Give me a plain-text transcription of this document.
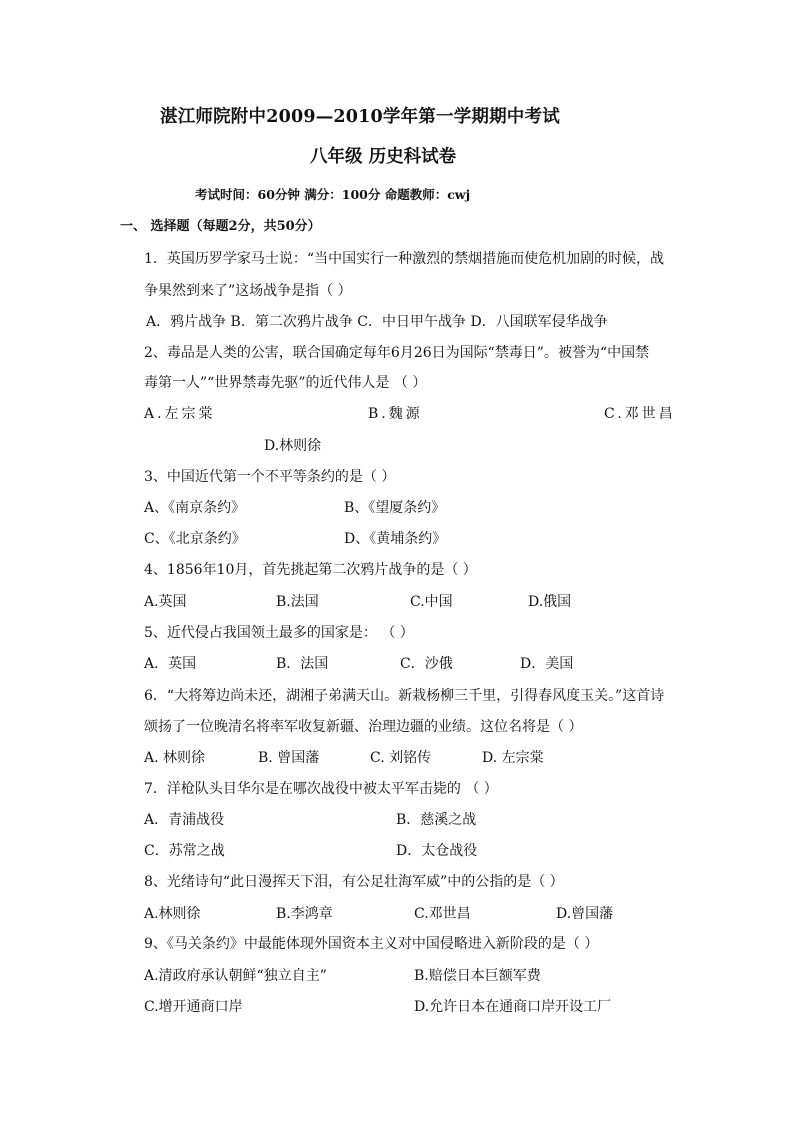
湛江师院附中2009—2010学年第一学期期中考试
八年级 历史科试卷
考试时间：60分钟 满分：100分 命题教师：cwj
一、 选择题（每题2分，共50分）
1．英国历罗学家马士说：“当中国实行一种激烈的禁烟措施而使危机加剧的时候，战
争果然到来了”这场战争是指（ ）
A．鸦片战争 B．第二次鸦片战争 C．中日甲午战争 D．八国联军侵华战争
2、毒品是人类的公害，联合国确定每年6月26日为国际“禁毒日”。被誉为“中国禁
毒第一人”“世界禁毒先驱”的近代伟人是 （ ）
A.左宗棠	B.魏源	C.邓世昌
D.林则徐
3、中国近代第一个不平等条约的是（ ）
A、《南京条约》	B、《望厦条约》
C、《北京条约》	D、《黄埔条约》
4、1856年10月，首先挑起第二次鸦片战争的是（ ）
A.英国	B.法国	C.中国	D.俄国
5、近代侵占我国领土最多的国家是： （ ）
A．英国	B．法国	C．沙俄	D．美国
6．“大将筹边尚未还，湖湘子弟满天山。新栽杨柳三千里，引得春风度玉关。”这首诗
颂扬了一位晚清名将率军收复新疆、治理边疆的业绩。这位名将是（ ）
A. 林则徐	B. 曾国藩	C. 刘铭传	D. 左宗棠
7．洋枪队头目华尔是在哪次战役中被太平军击毙的 （ ）
A．青浦战役	B．慈溪之战
C．苏常之战	D．太仓战役
8、光绪诗句“此日漫挥天下泪，有公足壮海军威”中的公指的是（ ）
A.林则徐	B.李鸿章	C.邓世昌	D.曾国藩
9、《马关条约》中最能体现外国资本主义对中国侵略进入新阶段的是（ ）
A.清政府承认朝鲜“独立自主”	B.赔偿日本巨额军费
C.增开通商口岸	D.允许日本在通商口岸开设工厂
